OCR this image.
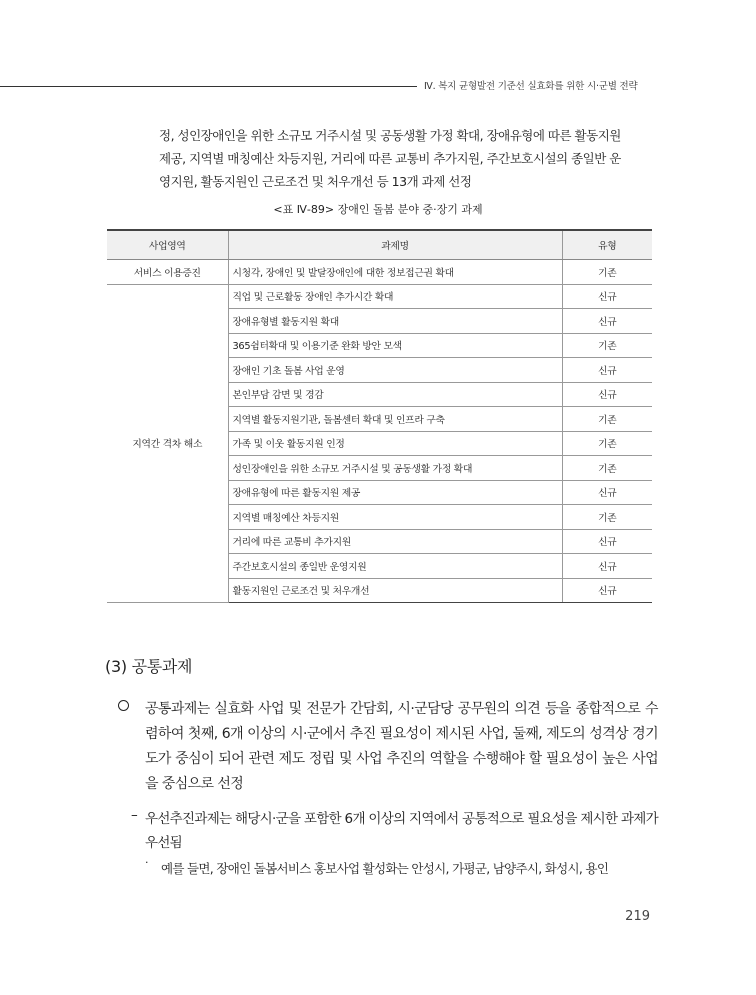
Ⅳ. 복지 균형발전 기준선 실효화를 위한 시·군별 전략

정, 성인장애인을 위한 소규모 거주시설 및 공동생활 가정 확대, 장애유형에 따른 활동지원

제공, 지역별 매칭예산 차등지원, 거리에 따른 교통비 추가지원, 주간보호시설의 종일반 운

영지원, 활동지원인 근로조건 및 처우개선 등 13개 과제 선정

<표 Ⅳ-89> 장애인 돌봄 분야 중·장기 과제
사업영역	과제명	유형
서비스 이용증진	시청각, 장애인 및 발달장애인에 대한 정보접근권 확대	기존
지역간 격차 해소	직업 및 근로활동 장애인 추가시간 확대	신규
	장애유형별 활동지원 확대	신규
	365쉼터확대 및 이용기준 완화 방안 모색	기존
	장애인 기초 돌봄 사업 운영	신규
	본인부담 감면 및 경감	신규
	지역별 활동지원기관, 돌봄센터 확대 및 인프라 구축	기존
	가족 및 이웃 활동지원 인정	기존
	성인장애인을 위한 소규모 거주시설 및 공동생활 가정 확대	기존
	장애유형에 따른 활동지원 제공	신규
	지역별 매칭예산 차등지원	기존
	거리에 따른 교통비 추가지원	신규
	주간보호시설의 종일반 운영지원	신규
	활동지원인 근로조건 및 처우개선	신규
(3) 공통과제
공통과제는 실효화 사업 및 전문가 간담회, 시·군담당 공무원의 의견 등을 종합적으로 수렴하여 첫째, 6개 이상의 시·군에서 추진 필요성이 제시된 사업, 둘째, 제도의 성격상 경기도가 중심이 되어 관련 제도 정립 및 사업 추진의 역할을 수행해야 할 필요성이 높은 사업을 중심으로 선정
– 우선추진과제는 해당시·군을 포함한 6개 이상의 지역에서 공통적으로 필요성을 제시한 과제가 우선됨
· 예를 들면, 장애인 돌봄서비스 홍보사업 활성화는 안성시, 가평군, 남양주시, 화성시, 용인
219
